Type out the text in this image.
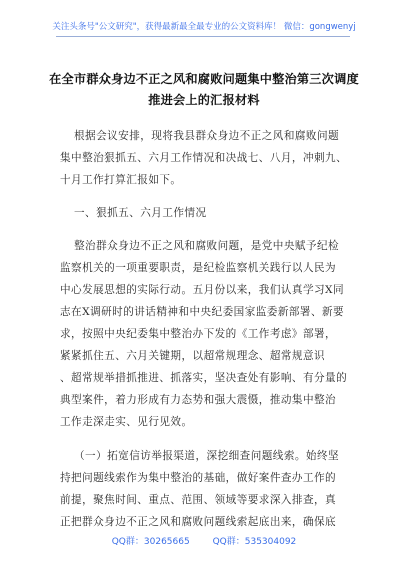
关注头条号"公文研究"，获得最新最全最专业的公文资料库！ 微信：gongwenyj
在全市群众身边不正之风和腐败问题集中整治第三次调度
推进会上的汇报材料
根据会议安排，现将我县群众身边不正之风和腐败问题
集中整治狠抓五、六月工作情况和决战七、八月，冲刺九、
十月工作打算汇报如下。
一、狠抓五、六月工作情况
整治群众身边不正之风和腐败问题，是党中央赋予纪检
监察机关的一项重要职责，是纪检监察机关践行以人民为
中心发展思想的实际行动。五月份以来，我们认真学习X同
志在X调研时的讲话精神和中央纪委国家监委新部署、新要
求，按照中央纪委集中整治办下发的《工作考虑》部署，
紧紧抓住五、六月关键期，以超常规理念、超常规意识
、超常规举措抓推进、抓落实，坚决查处有影响、有分量的
典型案件，着力形成有力态势和强大震慑，推动集中整治
工作走深走实、见行见效。
（一）拓宽信访举报渠道，深挖细查问题线索。始终坚
持把问题线索作为集中整治的基础，做好案件查办工作的
前提，聚焦时间、重点、范围、领域等要求深入排查，真
正把群众身边不正之风和腐败问题线索起底出来，确保底
QQ群：30265665	QQ群：535304092
